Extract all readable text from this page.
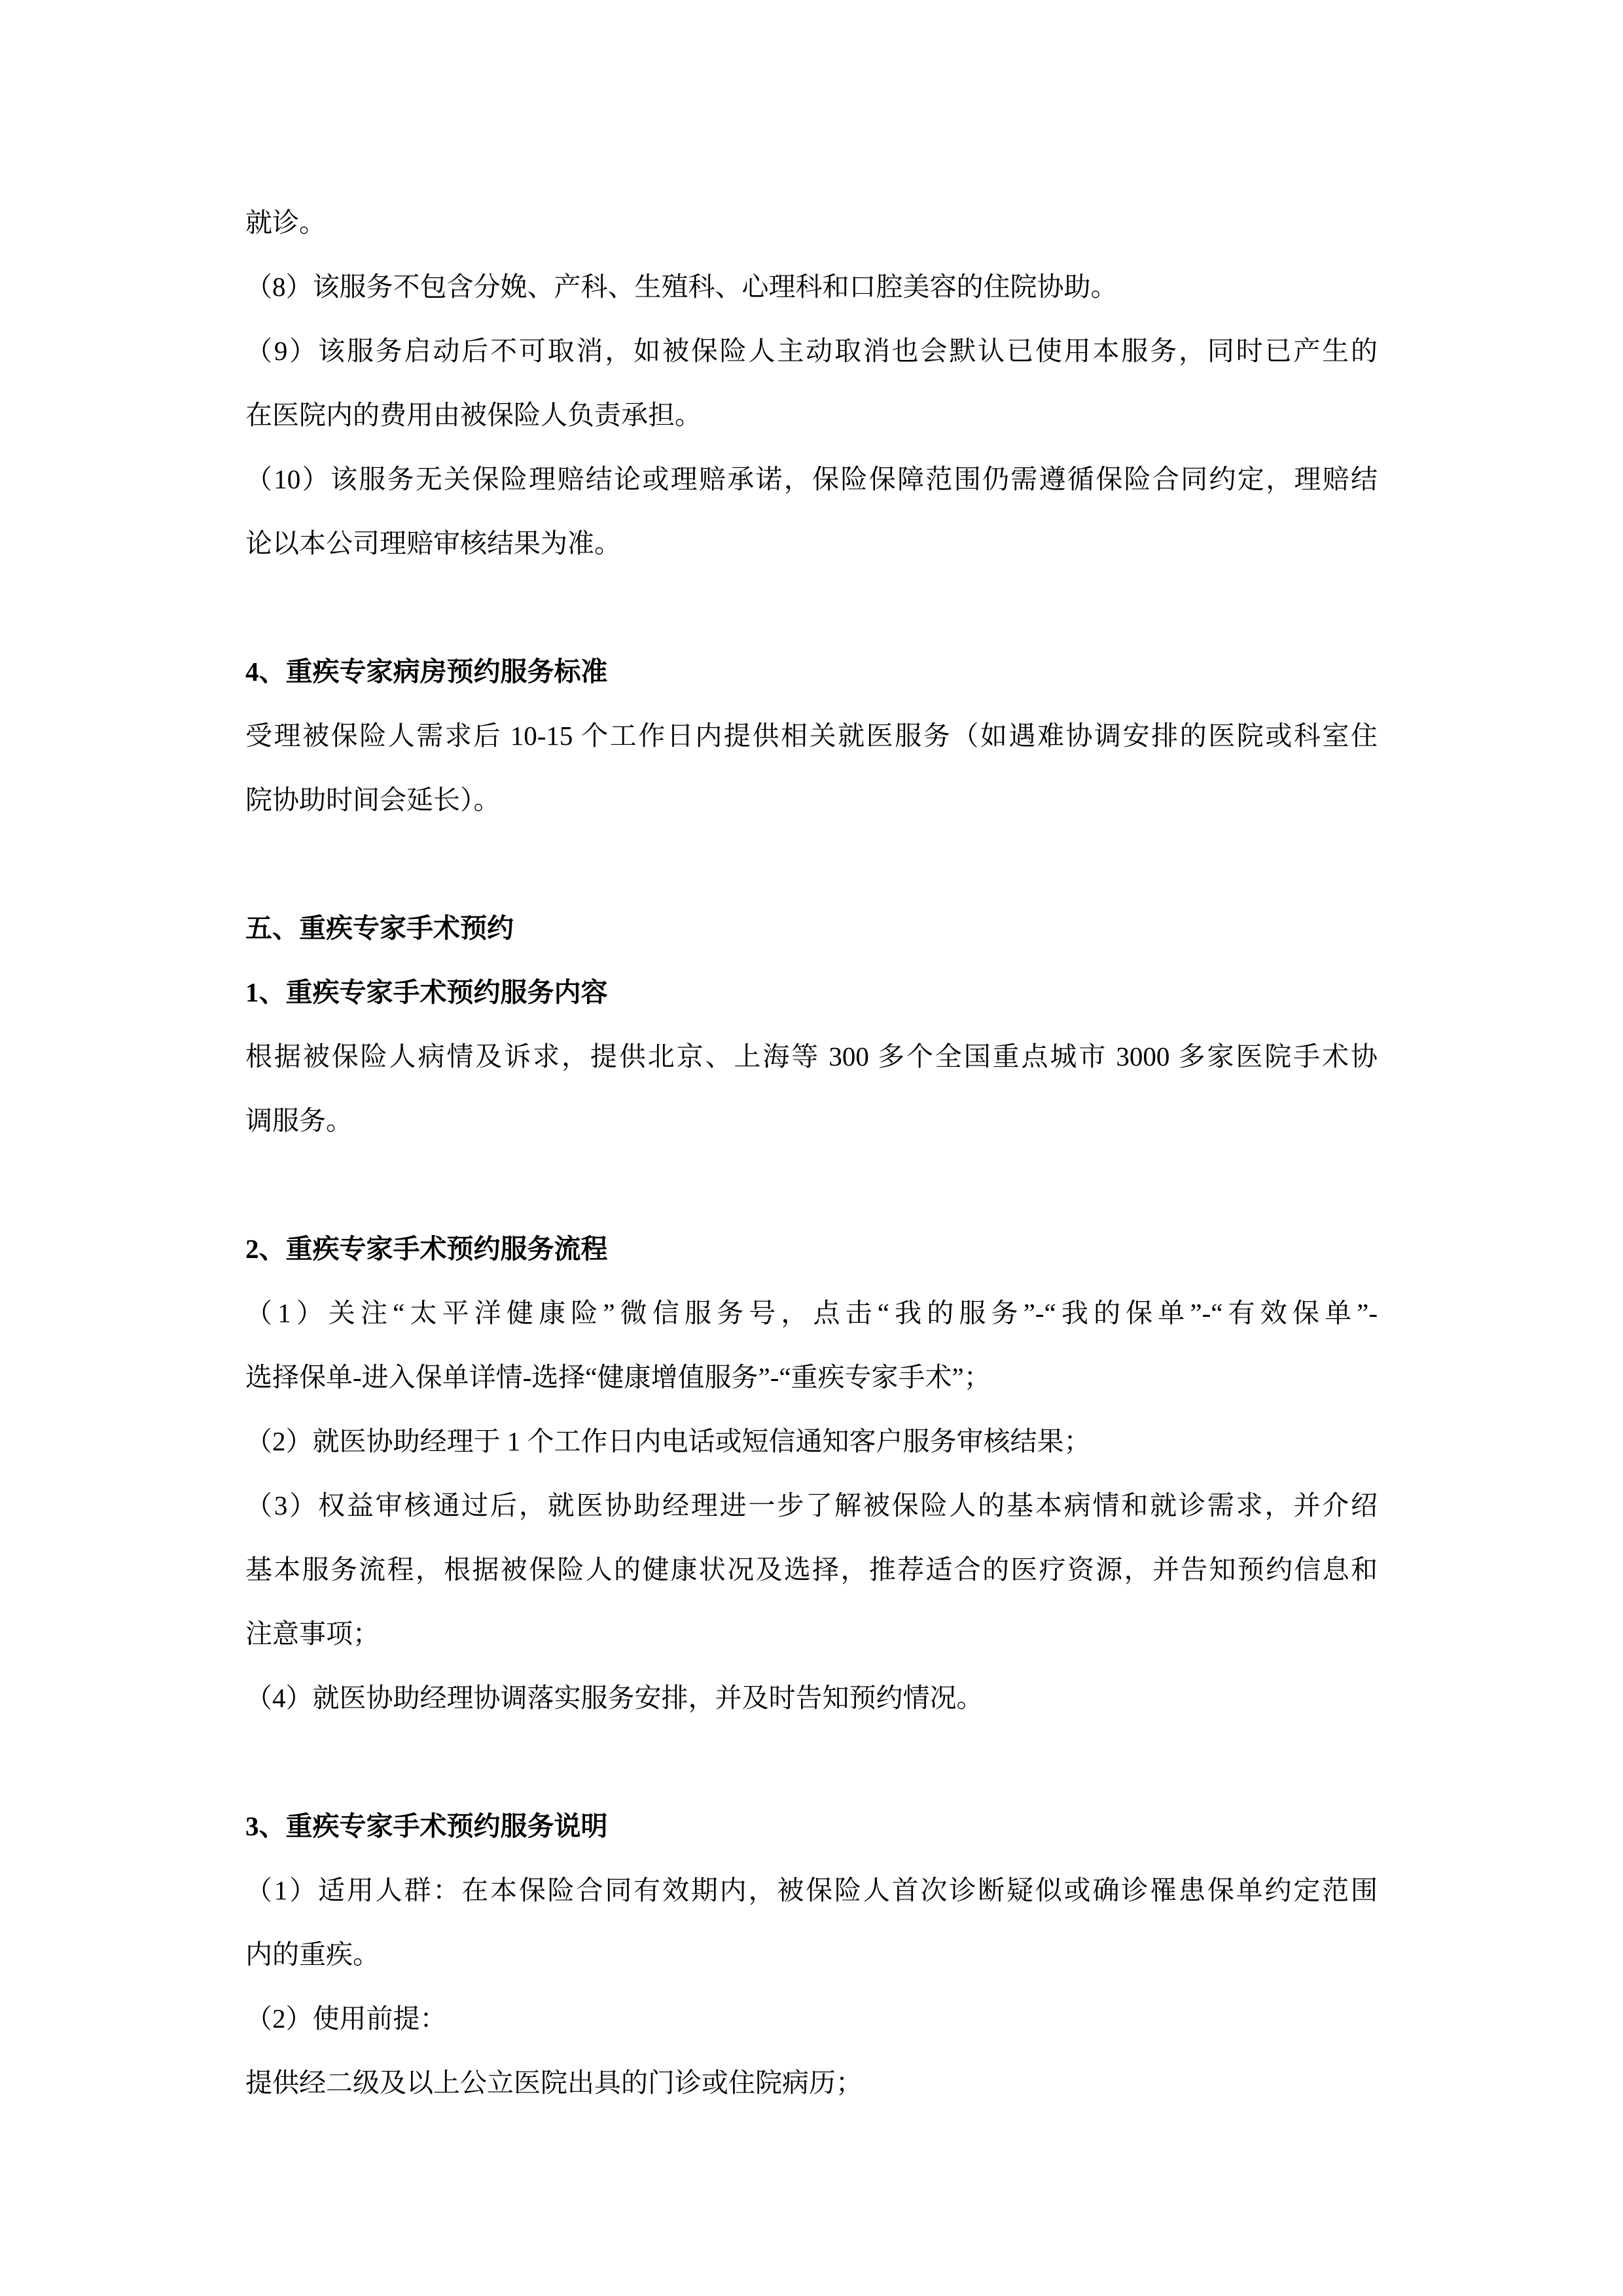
就诊。
（8）该服务不包含分娩、产科、生殖科、心理科和口腔美容的住院协助。
（9）该服务启动后不可取消，如被保险人主动取消也会默认已使用本服务，同时已产生的
在医院内的费用由被保险人负责承担。
（10）该服务无关保险理赔结论或理赔承诺，保险保障范围仍需遵循保险合同约定，理赔结
论以本公司理赔审核结果为准。
4、重疾专家病房预约服务标准
受理被保险人需求后 10-15 个工作日内提供相关就医服务（如遇难协调安排的医院或科室住
院协助时间会延长）。
五、重疾专家手术预约
1、重疾专家手术预约服务内容
根据被保险人病情及诉求，提供北京、上海等 300 多个全国重点城市 3000 多家医院手术协
调服务。
2、重疾专家手术预约服务流程
（1）关注“太平洋健康险”微信服务号，点击“我的服务”-“我的保单”-“有效保单”-
选择保单-进入保单详情-选择“健康增值服务”-“重疾专家手术”；
（2）就医协助经理于 1 个工作日内电话或短信通知客户服务审核结果；
（3）权益审核通过后，就医协助经理进一步了解被保险人的基本病情和就诊需求，并介绍
基本服务流程，根据被保险人的健康状况及选择，推荐适合的医疗资源，并告知预约信息和
注意事项；
（4）就医协助经理协调落实服务安排，并及时告知预约情况。
3、重疾专家手术预约服务说明
（1）适用人群：在本保险合同有效期内，被保险人首次诊断疑似或确诊罹患保单约定范围
内的重疾。
（2）使用前提：
提供经二级及以上公立医院出具的门诊或住院病历；
